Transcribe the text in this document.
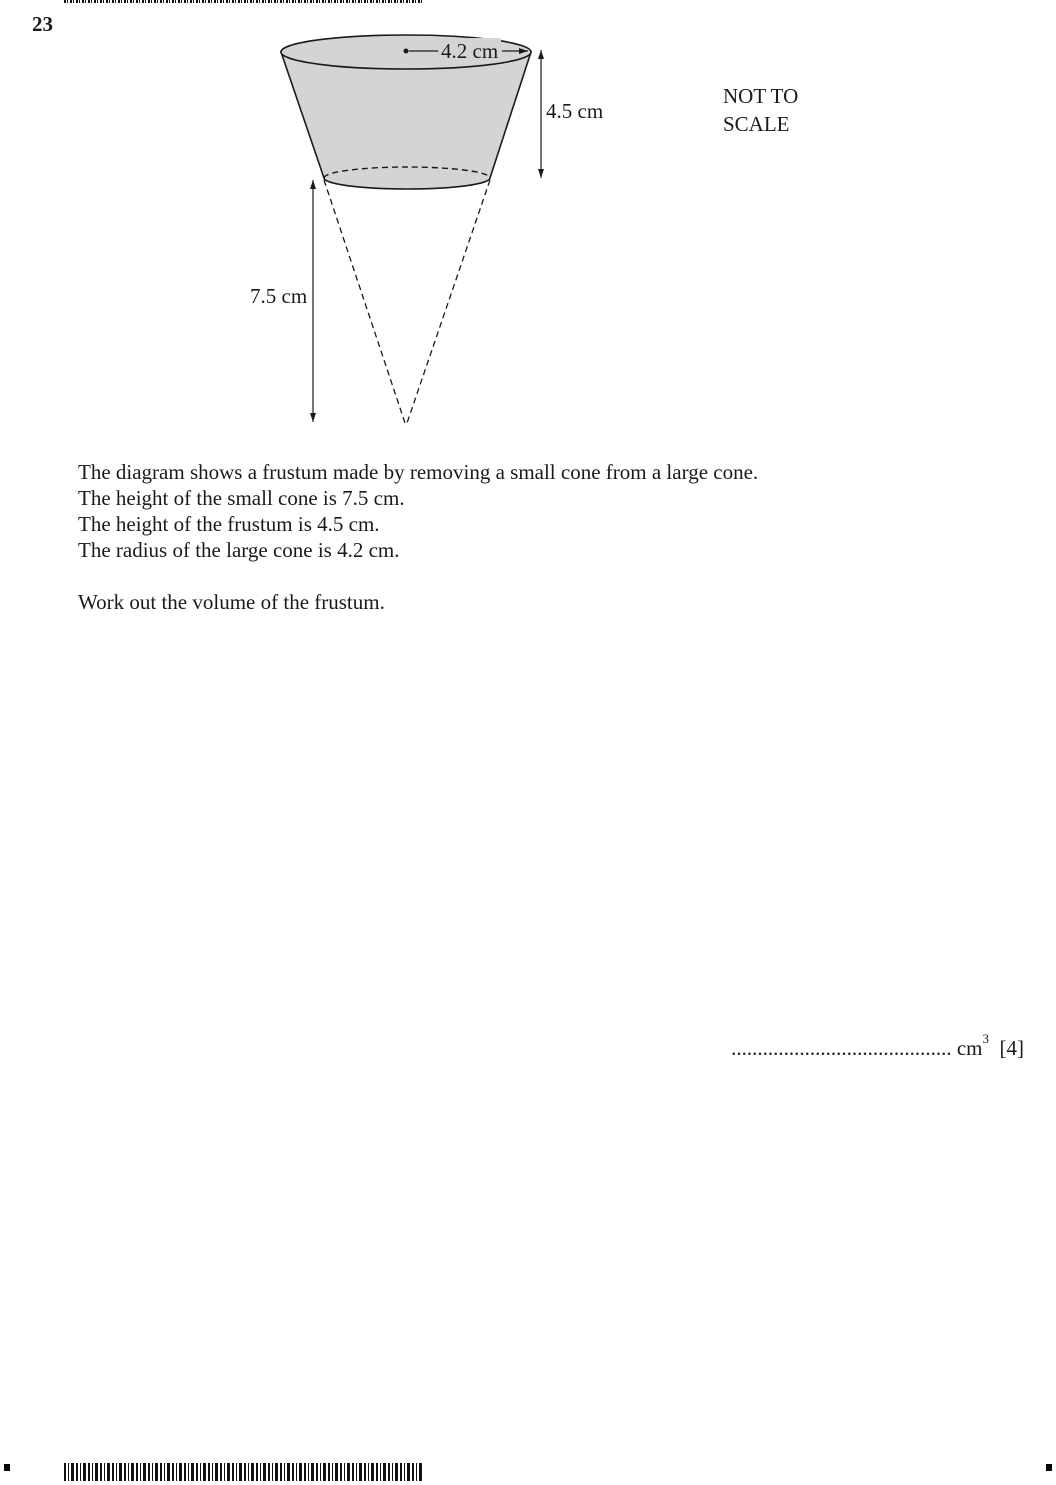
23
4.2 cm
4.5 cm
7.5 cm
NOT TO
SCALE

The diagram shows a frustum made by removing a small cone from a large cone.

The height of the small cone is 7.5 cm.

The height of the frustum is 4.5 cm.

The radius of the large cone is 4.2 cm.

Work out the volume of the frustum.

.......................................... $cm^3$ [4]
